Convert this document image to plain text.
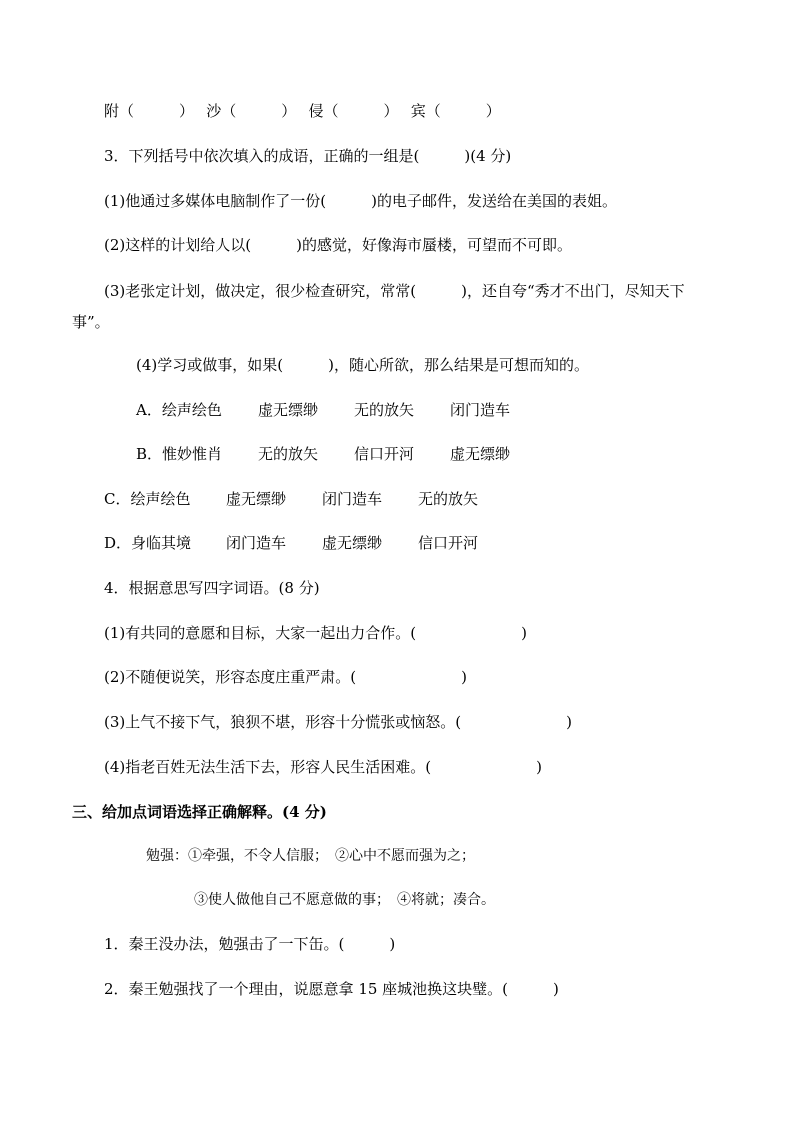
附（　　　）　 沙（　　　）　 侵（　　　）　 宾（　　　）
3．下列括号中依次填入的成语，正确的一组是(　　　)(4 分)
(1)他通过多媒体电脑制作了一份(　　　)的电子邮件，发送给在美国的表姐。
(2)这样的计划给人以(　　　)的感觉，好像海市蜃楼，可望而不可即。
(3)老张定计划，做决定，很少检查研究，常常(　　　)，还自夸“秀才不出门，尽知天下
事”。
(4)学习或做事，如果(　　　)，随心所欲，那么结果是可想而知的。
A．绘声绘色 虚无缥缈 无的放矢 闭门造车
B．惟妙惟肖 无的放矢 信口开河 虚无缥缈
C．绘声绘色 虚无缥缈 闭门造车 无的放矢
D．身临其境 闭门造车 虚无缥缈 信口开河
4．根据意思写四字词语。(8 分)
(1)有共同的意愿和目标，大家一起出力合作。(　　　　　　　)
(2)不随便说笑，形容态度庄重严肃。(　　　　　　　)
(3)上气不接下气，狼狈不堪，形容十分慌张或恼怒。(　　　　　　　)
(4)指老百姓无法生活下去，形容人民生活困难。(　　　　　　　)
三、给加点词语选择正确解释。(4 分)
勉强：①牵强，不令人信服；　②心中不愿而强为之；
③使人做他自己不愿意做的事；　④将就；凑合。
1．秦王没办法，勉强击了一下缶。(　　　)
2．秦王勉强找了一个理由，说愿意拿 15 座城池换这块璧。(　　　)
